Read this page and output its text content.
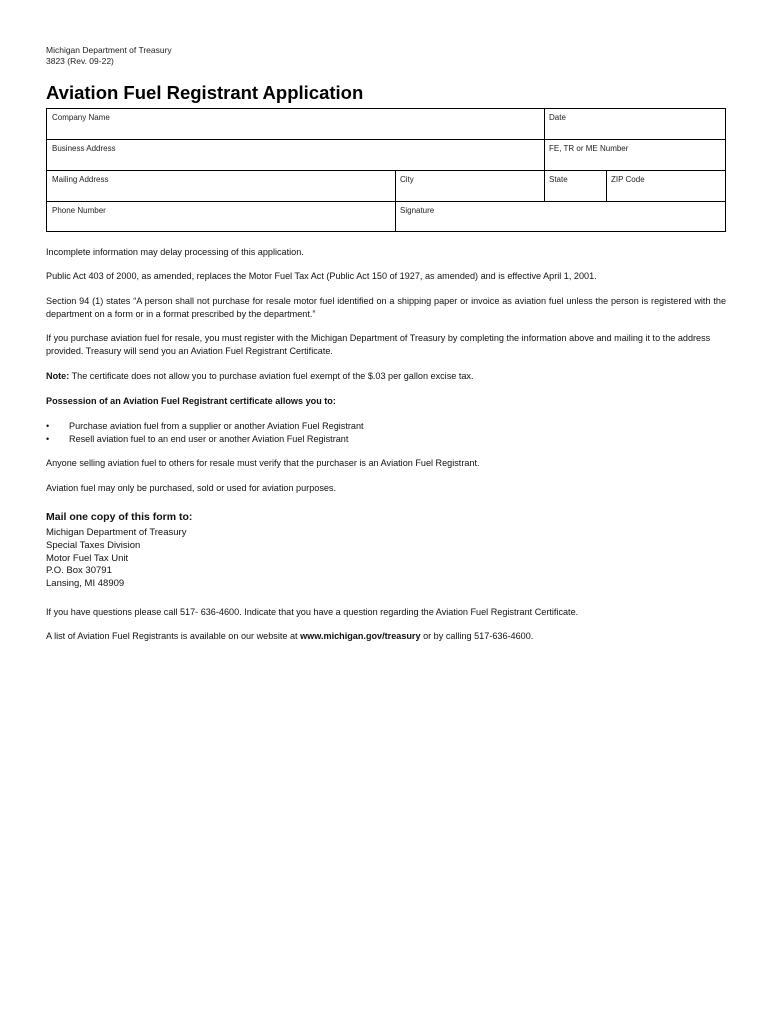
Michigan Department of Treasury
3823 (Rev. 09-22)
Aviation Fuel Registrant Application
Company Name	Date
Business Address	FE, TR or ME Number
Mailing Address	City	State	ZIP Code
Phone Number	Signature

Incomplete information may delay processing of this application.

Public Act 403 of 2000, as amended, replaces the Motor Fuel Tax Act (Public Act 150 of 1927, as amended) and is effective April 1, 2001.

Section 94 (1) states “A person shall not purchase for resale motor fuel identified on a shipping paper or invoice as aviation fuel unless the person is registered with the department on a form or in a format prescribed by the department.”

If you purchase aviation fuel for resale, you must register with the Michigan Department of Treasury by completing the information above and mailing it to the address provided. Treasury will send you an Aviation Fuel Registrant Certificate.

Note: The certificate does not allow you to purchase aviation fuel exempt of the $.03 per gallon excise tax.

Possession of an Aviation Fuel Registrant certificate allows you to:

• Purchase aviation fuel from a supplier or another Aviation Fuel Registrant
• Resell aviation fuel to an end user or another Aviation Fuel Registrant

Anyone selling aviation fuel to others for resale must verify that the purchaser is an Aviation Fuel Registrant.

Aviation fuel may only be purchased, sold or used for aviation purposes.

Mail one copy of this form to:
Michigan Department of Treasury
Special Taxes Division
Motor Fuel Tax Unit
P.O. Box 30791
Lansing, MI 48909

If you have questions please call 517- 636-4600. Indicate that you have a question regarding the Aviation Fuel Registrant Certificate.

A list of Aviation Fuel Registrants is available on our website at www.michigan.gov/treasury or by calling 517-636-4600.
